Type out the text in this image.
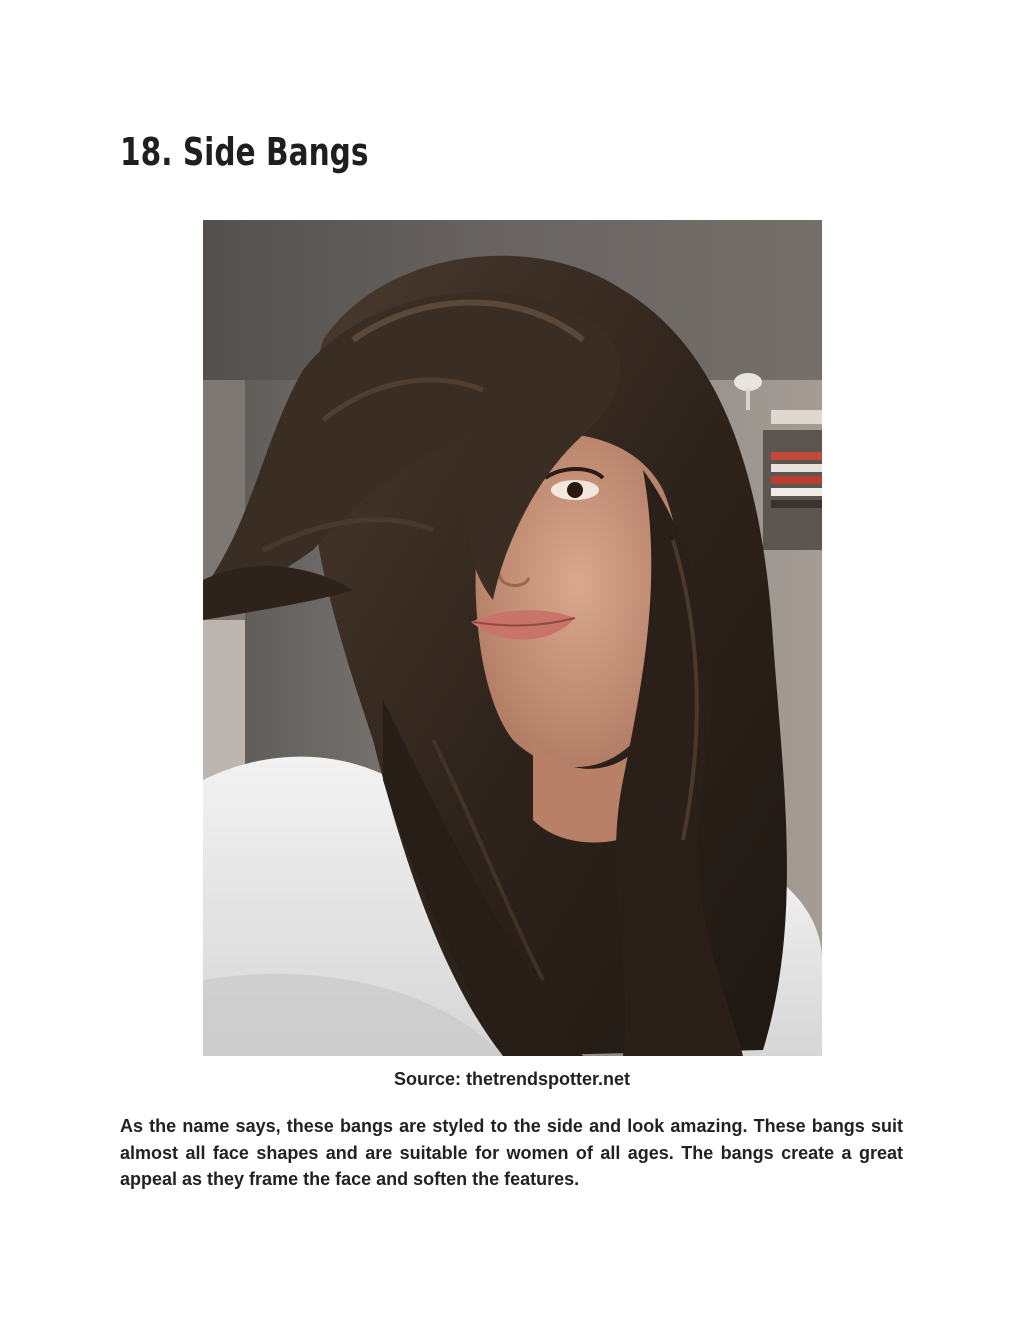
18. Side Bangs
Source: thetrendspotter.net

As the name says, these bangs are styled to the side and look amazing. These bangs suit almost all face shapes and are suitable for women of all ages. The bangs create a great appeal as they frame the face and soften the features.
